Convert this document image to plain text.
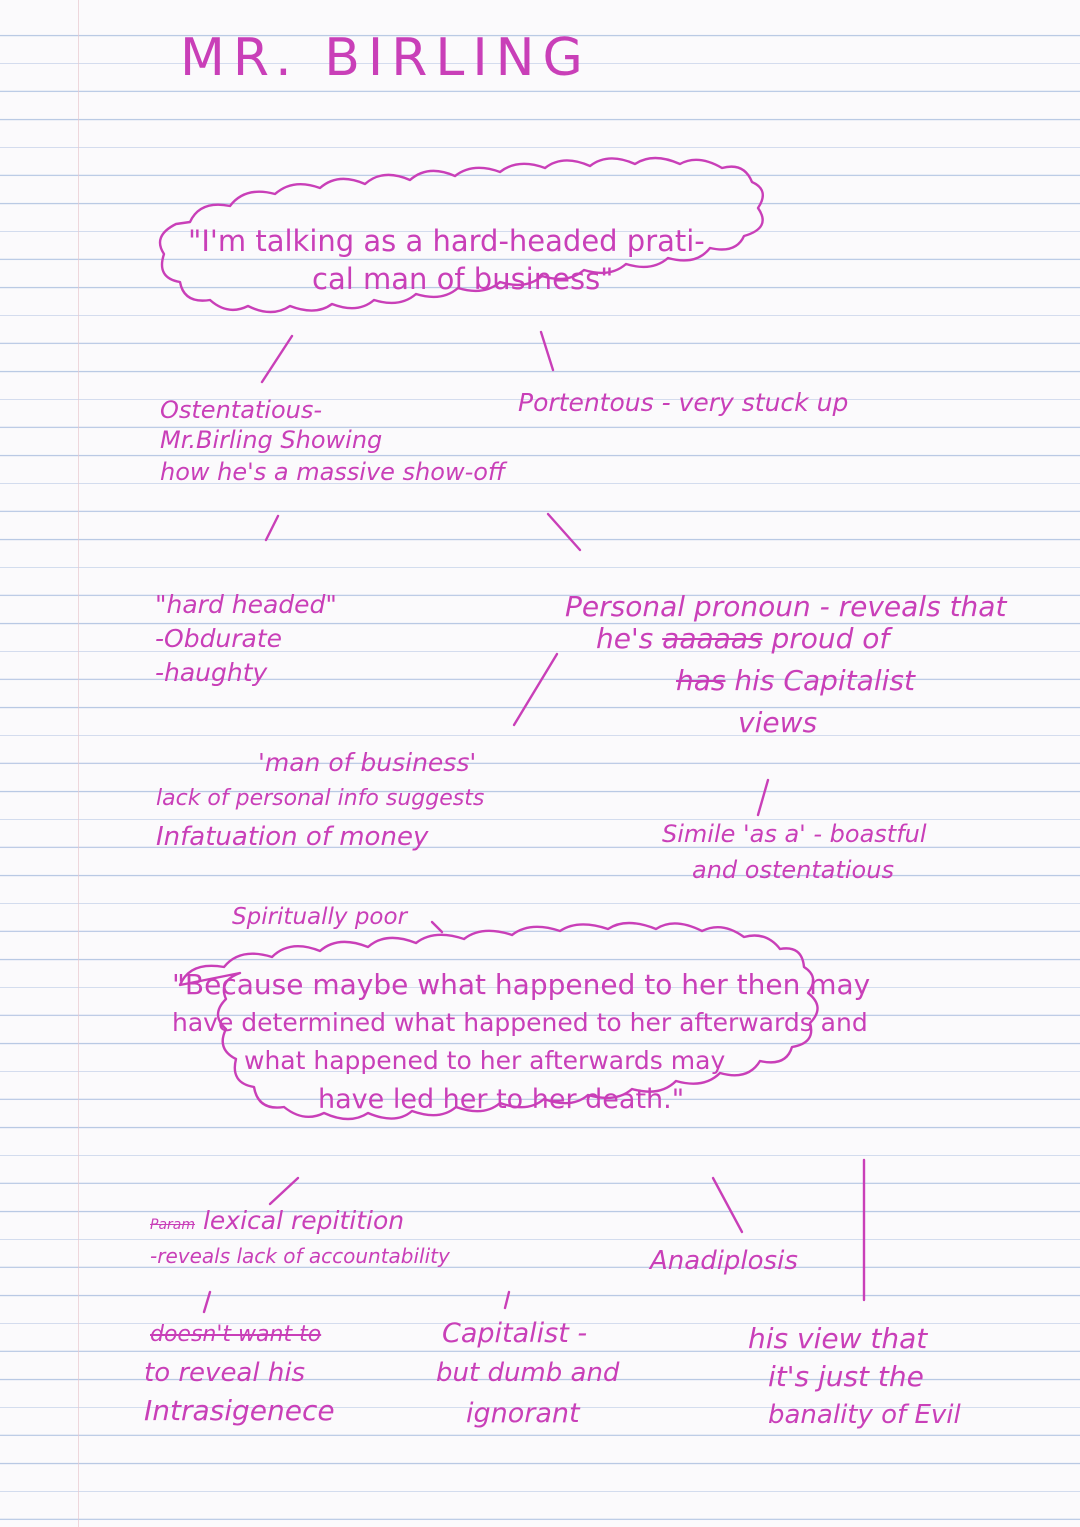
MR. BIRLING
"I'm talking as a hard-headed prati-
cal man of business"
Ostentatious-
Mr.Birling Showing
how he's a massive show-off
Portentous - very stuck up
"hard headed"
-Obdurate
-haughty
Personal pronoun - reveals that
he's aaaaas proud of
has his Capitalist
views
'man of business'
lack of personal info suggests
Infatuation of money	Simile 'as a' - boastful
and ostentatious
Spiritually poor
"Because maybe what happened to her then may
have determined what happened to her afterwards and
what happened to her afterwards may
have led her to her death."
Param lexical repitition
-reveals lack of accountability	Anadiplosis
doesn't want to
to reveal his
Intrasigenece
Capitalist -
but dumb and
ignorant
his view that
it's just the
banality of Evil
